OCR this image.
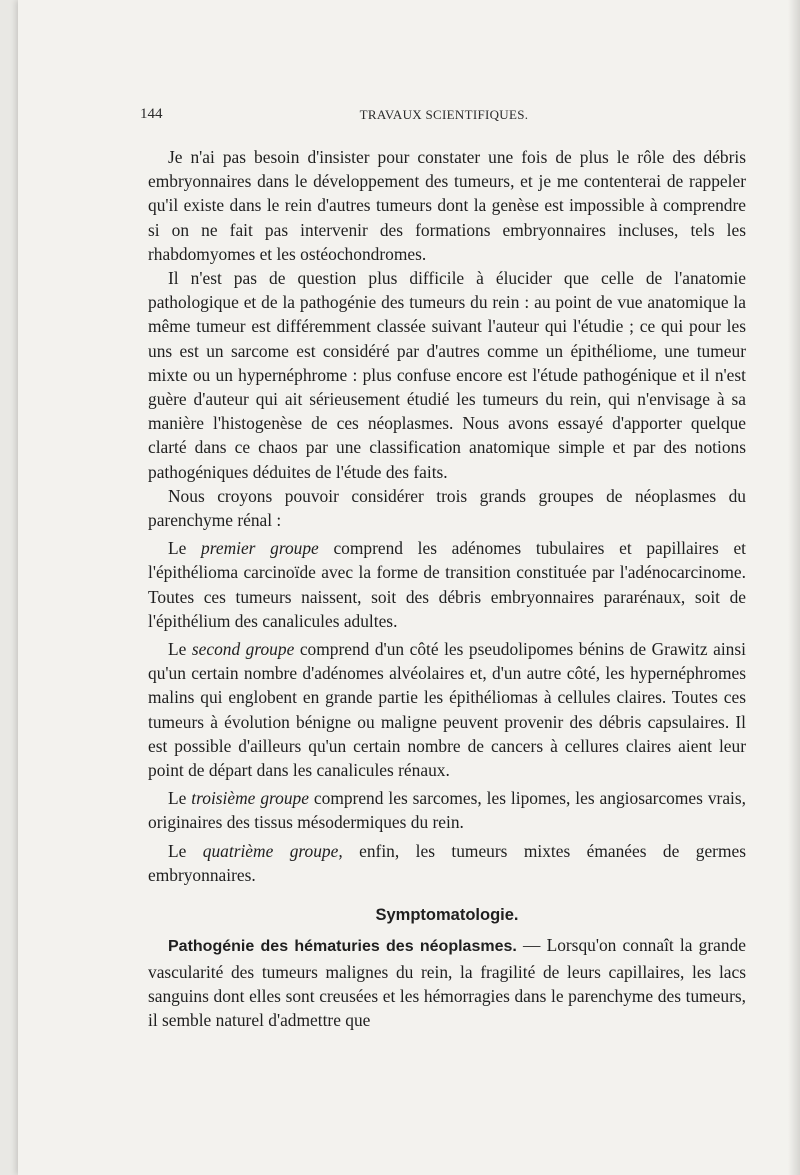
144	TRAVAUX SCIENTIFIQUES.

Je n'ai pas besoin d'insister pour constater une fois de plus le rôle des débris embryonnaires dans le développement des tumeurs, et je me contenterai de rappeler qu'il existe dans le rein d'autres tumeurs dont la genèse est impossible à comprendre si on ne fait pas intervenir des formations embryonnaires incluses, tels les rhabdomyomes et les ostéochondromes.

Il n'est pas de question plus difficile à élucider que celle de l'anatomie pathologique et de la pathogénie des tumeurs du rein : au point de vue anatomique la même tumeur est différemment classée suivant l'auteur qui l'étudie ; ce qui pour les uns est un sarcome est considéré par d'autres comme un épithéliome, une tumeur mixte ou un hypernéphrome : plus confuse encore est l'étude pathogénique et il n'est guère d'auteur qui ait sérieusement étudié les tumeurs du rein, qui n'envisage à sa manière l'histogenèse de ces néoplasmes. Nous avons essayé d'apporter quelque clarté dans ce chaos par une classification anatomique simple et par des notions pathogéniques déduites de l'étude des faits.

Nous croyons pouvoir considérer trois grands groupes de néoplasmes du parenchyme rénal :

Le premier groupe comprend les adénomes tubulaires et papillaires et l'épithélioma carcinoïde avec la forme de transition constituée par l'adénocarcinome. Toutes ces tumeurs naissent, soit des débris embryonnaires pararénaux, soit de l'épithélium des canalicules adultes.

Le second groupe comprend d'un côté les pseudolipomes bénins de Grawitz ainsi qu'un certain nombre d'adénomes alvéolaires et, d'un autre côté, les hypernéphromes malins qui englobent en grande partie les épithéliomas à cellules claires. Toutes ces tumeurs à évolution bénigne ou maligne peuvent provenir des débris capsulaires. Il est possible d'ailleurs qu'un certain nombre de cancers à cellures claires aient leur point de départ dans les canalicules rénaux.

Le troisième groupe comprend les sarcomes, les lipomes, les angiosarcomes vrais, originaires des tissus mésodermiques du rein.

Le quatrième groupe, enfin, les tumeurs mixtes émanées de germes embryonnaires.

Symptomatologie.

Pathogénie des hématuries des néoplasmes. — Lorsqu'on connaît la grande vascularité des tumeurs malignes du rein, la fragilité de leurs capillaires, les lacs sanguins dont elles sont creusées et les hémorragies dans le parenchyme des tumeurs, il semble naturel d'admettre que
